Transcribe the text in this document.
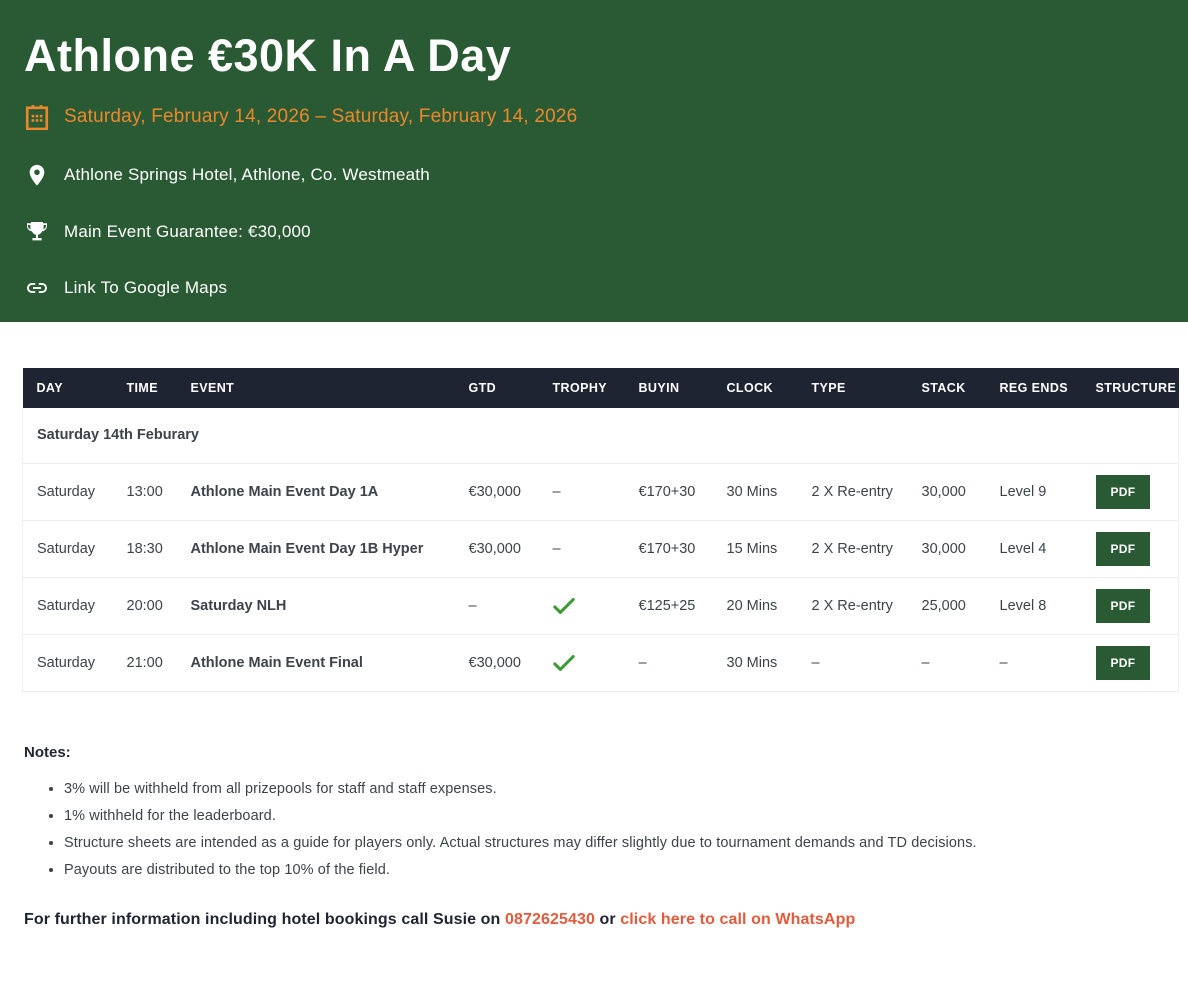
Athlone €30K In A Day
Saturday, February 14, 2026 – Saturday, February 14, 2026
Athlone Springs Hotel, Athlone, Co. Westmeath
Main Event Guarantee: €30,000
Link To Google Maps
DAY	TIME	EVENT	GTD	TROPHY	BUYIN	CLOCK	TYPE	STACK	REG ENDS	STRUCTURE
Saturday 14th Feburary										
Saturday	13:00	Athlone Main Event Day 1A	€30,000	–	€170+30	30 Mins	2 X Re-entry	30,000	Level 9	PDF
Saturday	18:30	Athlone Main Event Day 1B Hyper	€30,000	–	€170+30	15 Mins	2 X Re-entry	30,000	Level 4	PDF
Saturday	20:00	Saturday NLH	–		€125+25	20 Mins	2 X Re-entry	25,000	Level 8	PDF
Saturday	21:00	Athlone Main Event Final	€30,000		–	30 Mins	–	–	–	PDF
Notes:
• 3% will be withheld from all prizepools for staff and staff expenses.
• 1% withheld for the leaderboard.
• Structure sheets are intended as a guide for players only. Actual structures may differ slightly due to tournament demands and TD decisions.
• Payouts are distributed to the top 10% of the field.
For further information including hotel bookings call Susie on 0872625430 or click here to call on WhatsApp
